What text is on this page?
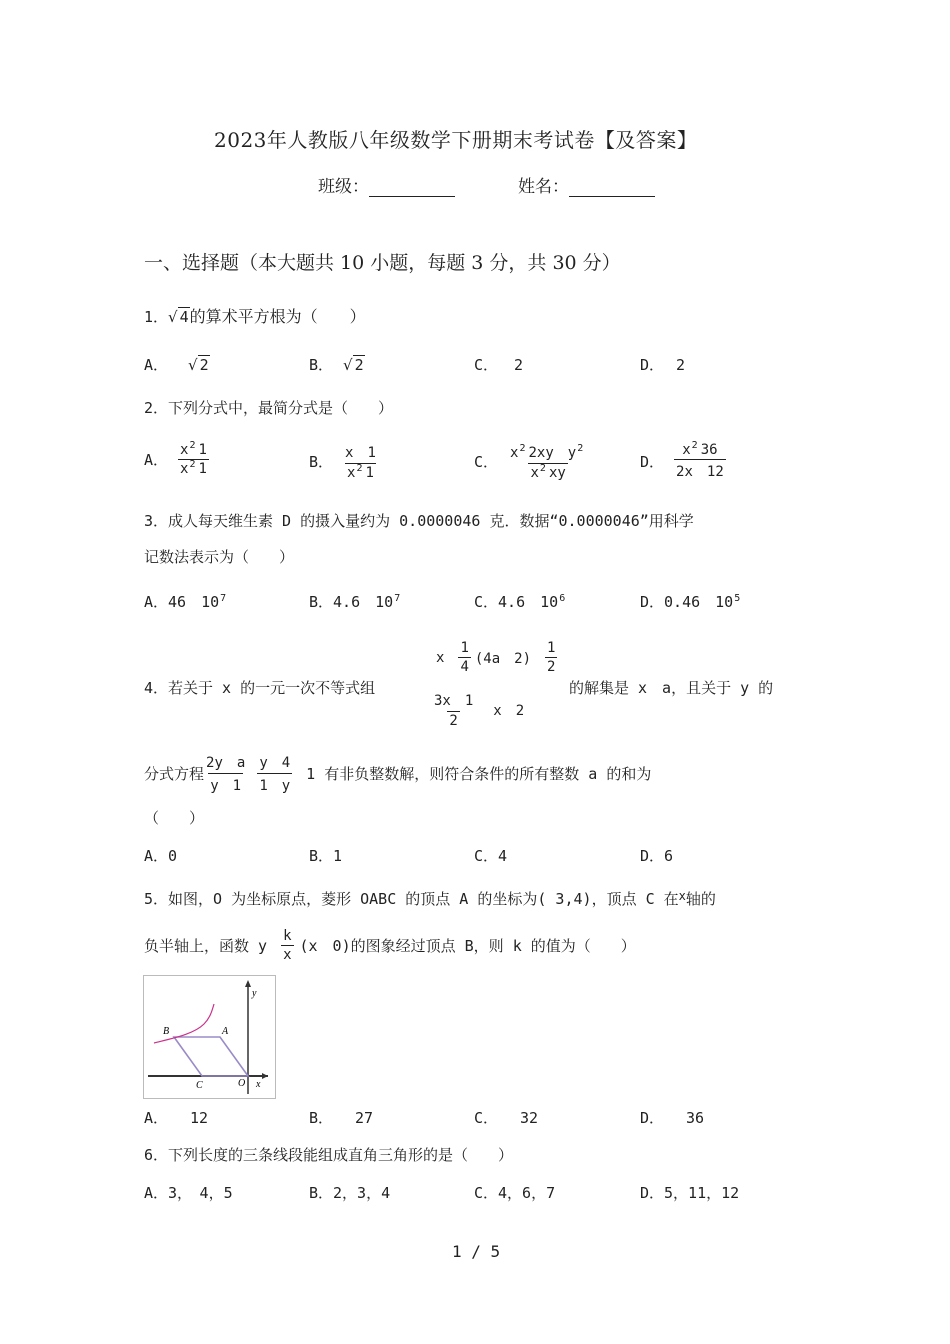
2023年人教版八年级数学下册期末考试卷【及答案】
班级：	姓名：
一、选择题（本大题共 10 小题，每题 3 分，共 30 分）
1．√ 4的算术平方根为（　　）
A． √ 2	B． √ 2	C． 2	D． 2
2．下列分式中，最简分式是（　　）
A． $\frac{x^2 1}{x^2 1}$	B． $\frac{x 1}{x^2 1}$	C． $\frac{x^2 2xy y^2}{x^2 xy}$	D． $\frac{x^2 36}{2x 12}$
3．成人每天维生素 D 的摄入量约为 0.0000046 克．数据“0.0000046”用科学
记数法表示为（　　）
A．46　$10^7$	B．4.6　$10^7$	C．4.6　$10^6$	D．0.46　$10^5$
4．若关于 x 的一元一次不等式组
x $\frac{1}{4} (4a$　$2) \frac{1}{2}$
$\frac{3x 1}{2}$ x　2
的解集是 x　a，且关于 y 的
分式方程 $\frac{\text{2y　a}}{y 1} \frac{y 4}{1 y} 1$ 有非负整数解，则符合条件的所有整数 a 的和为
（　　）
A．0	B．1	C．4	D．6
5．如图，O 为坐标原点，菱形 OABC 的顶点 A 的坐标为( 3,4)，顶点 C 在$^x$轴的
负半轴上，函数 y $\frac{k}{x} (x$　0)的图象经过顶点 B，则 k 的值为（　　）
y
x
B	A
C	O
A． 12	B． 27	C． 32	D． 36
6．下列长度的三条线段能组成直角三角形的是（　　）
A．3，　4，5	B．2，3，4	C．4，6，7	D．5，11，12
1 / 5
